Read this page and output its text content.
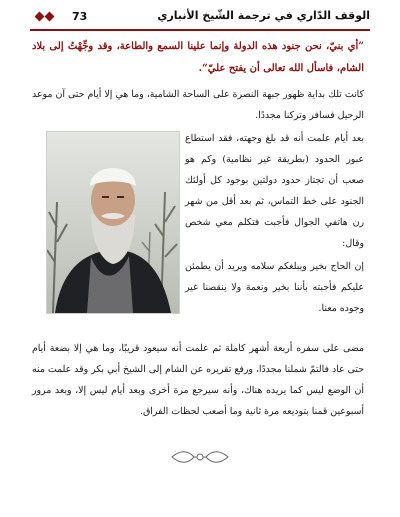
73	الوقف الدّاري في ترجمة الشّيخ الأنباري

”أي بنيّ، نحن جنود هذه الدولة وإنما علينا السمع والطاعة، وقد وجِّهْتُ إلى بلاد الشام، فاسأل الله تعالى أن يفتح عليّ“.

كانت تلك بداية ظهور جبهة النصرة على الساحة الشامية، وما هي إلا أيام حتى آن موعد الرحيل فسافر وتركنا مجددًا.

بعد أيام علمت أنه قد بلغ وجهته، فقد استطاع عبور الحدود (بطريقة غير نظامية) وكم هو صعب أن تجتاز حدود دولتين بوجود كل أولئك الجنود على خط التماس، ثم بعد أقل من شهر رن هاتفي الجوال فأجبت فتكلم معي شخص وقال:

إن الحاج بخير ويبلغكم سلامه ويريد أن يطمئن عليكم فأجبته بأننا بخير ونعمة ولا ينقصنا غير وجوده معنا.

مضى على سفره أربعة أشهر كاملة ثم علمت أنه سيعود قريبًا، وما هي إلا بضعة أيام حتى عاد فالتمّ شملنا مجددًا، ورفع تقريره عن الشام إلى الشيخ أبي بكر وقد علمت منه أن الوضع ليس كما يريده هناك، وأنه سيرجع مرة أخرى وبعد أيام ليس إلا، وبعد مرور أسبوعين قمنا بتوديعه مرة ثانية وما أصعب لحظات الفراق.
